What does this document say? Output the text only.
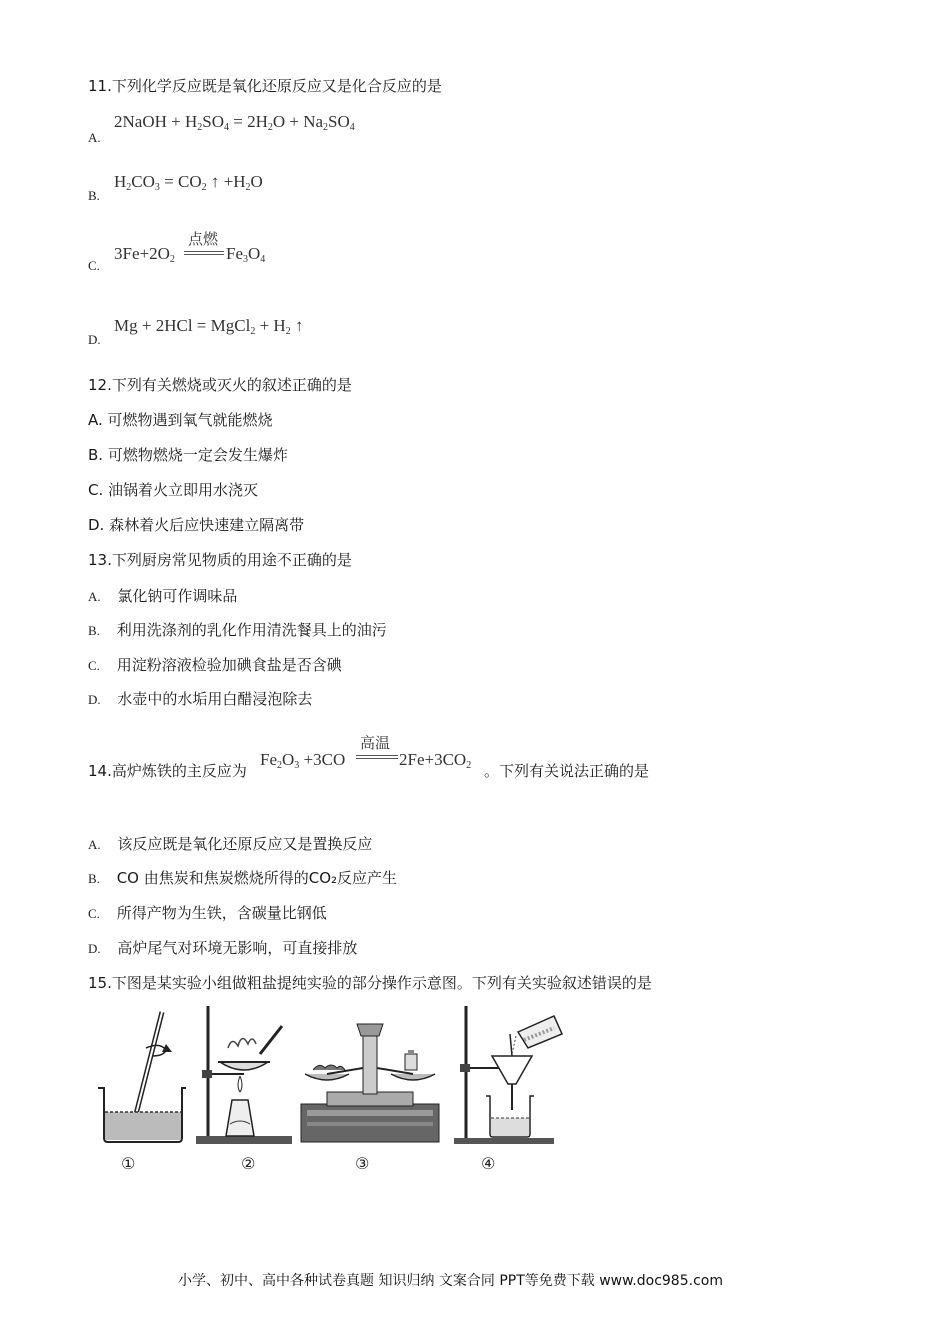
11.下列化学反应既是氧化还原反应又是化合反应的是
A.
2NaOH + $H_2SO_4 = 2H_2O + Na_2SO_4$
B.
$H_2CO_3 = CO_2$ ↑ $+H_2O$
C.
$3Fe+2O_2$
点燃
$Fe_3O_4$
D.
Mg + 2HCl = MgCl$_2$ + $H_2$ ↑
12.下列有关燃烧或灭火的叙述正确的是
A. 可燃物遇到氧气就能燃烧
B. 可燃物燃烧一定会发生爆炸
C. 油锅着火立即用水浇灭
D. 森林着火后应快速建立隔离带
13.下列厨房常见物质的用途不正确的是
A. 氯化钠可作调味品
B. 利用洗涤剂的乳化作用清洗餐具上的油污
C. 用淀粉溶液检验加碘食盐是否含碘
D. 水壶中的水垢用白醋浸泡除去
14.高炉炼铁的主反应为
$Fe_2O_3 +3CO$
高温
$2Fe+3CO_2$ 。下列有关说法正确的是
A. 该反应既是氧化还原反应又是置换反应
B. CO 由焦炭和焦炭燃烧所得的CO₂反应产生
C. 所得产物为生铁，含碳量比钢低
D. 高炉尾气对环境无影响，可直接排放
15.下图是某实验小组做粗盐提纯实验的部分操作示意图。下列有关实验叙述错误的是
①	②	③	④
小学、初中、高中各种试卷真题 知识归纳 文案合同 PPT等免费下载 www.doc985.com
